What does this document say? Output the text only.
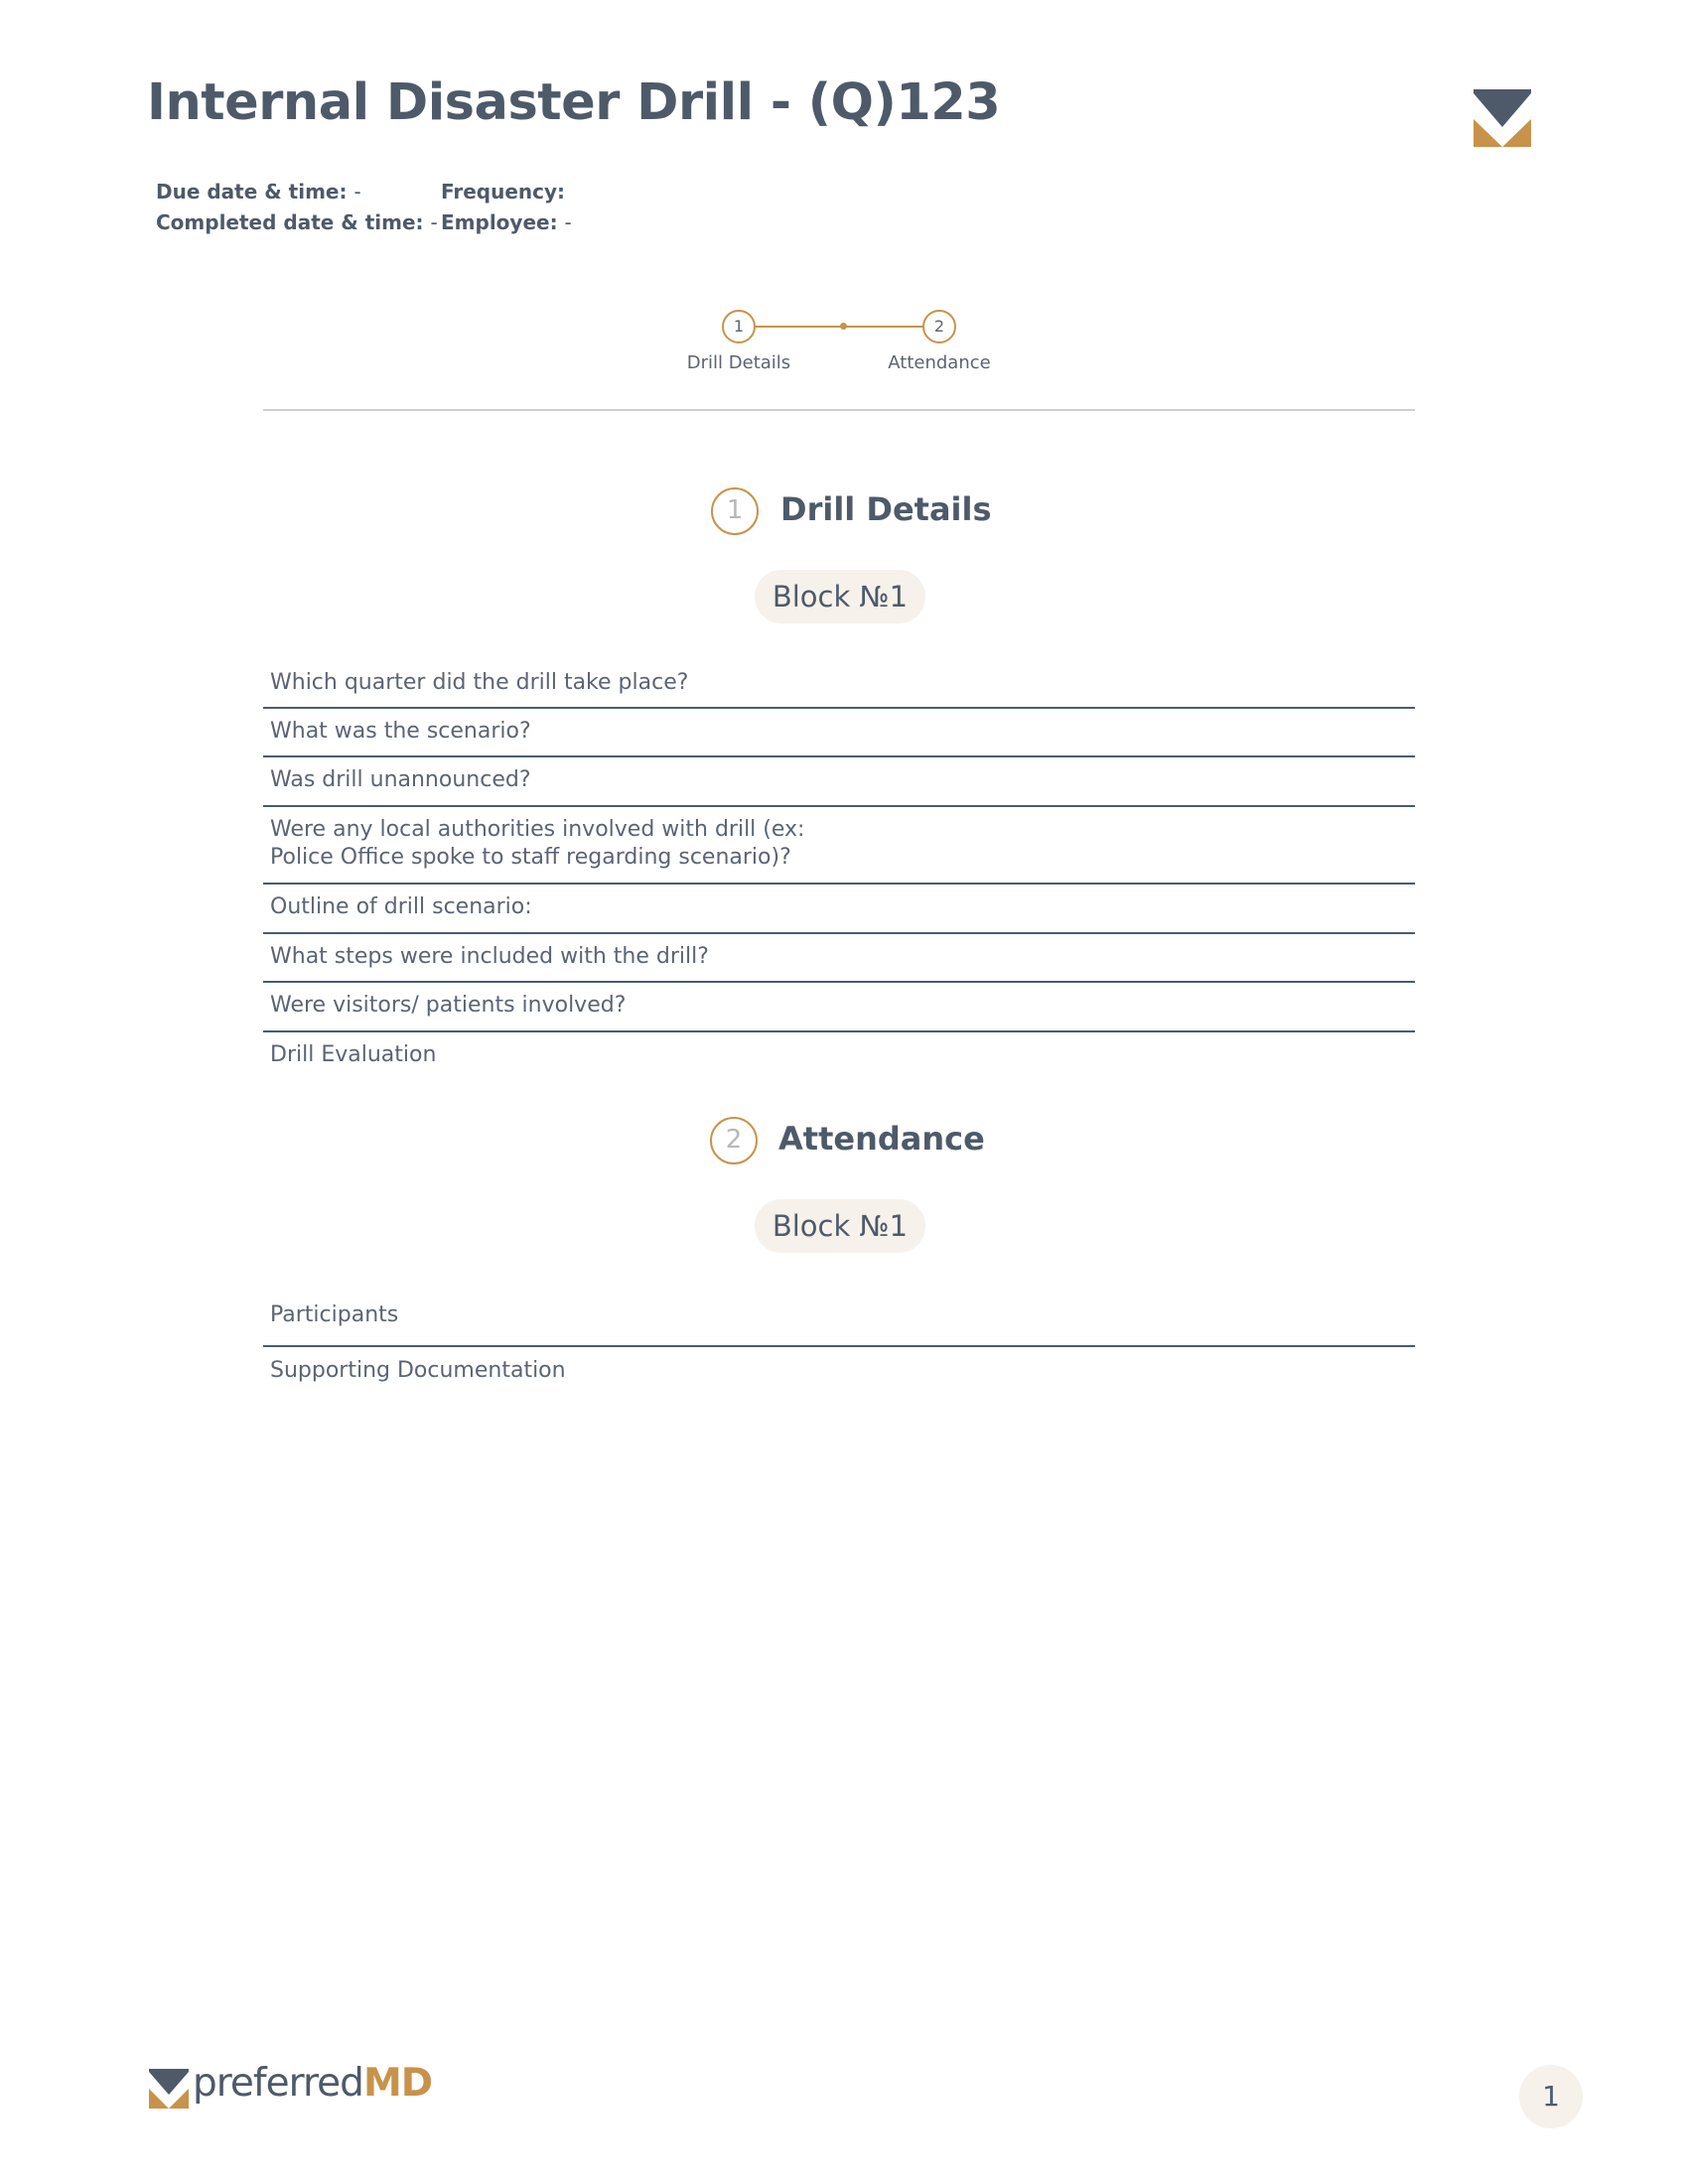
Internal Disaster Drill - (Q)123
Due date & time: -
Completed date & time: -
Frequency:
Employee: -
1	2
Drill Details	Attendance
1	Drill Details
Block №1
Which quarter did the drill take place?
What was the scenario?
Was drill unannounced?
Were any local authorities involved with drill (ex:
Police Office spoke to staff regarding scenario)?
Outline of drill scenario:
What steps were included with the drill?
Were visitors/ patients involved?
Drill Evaluation
2	Attendance
Block №1
Participants
Supporting Documentation
preferredMD	1
